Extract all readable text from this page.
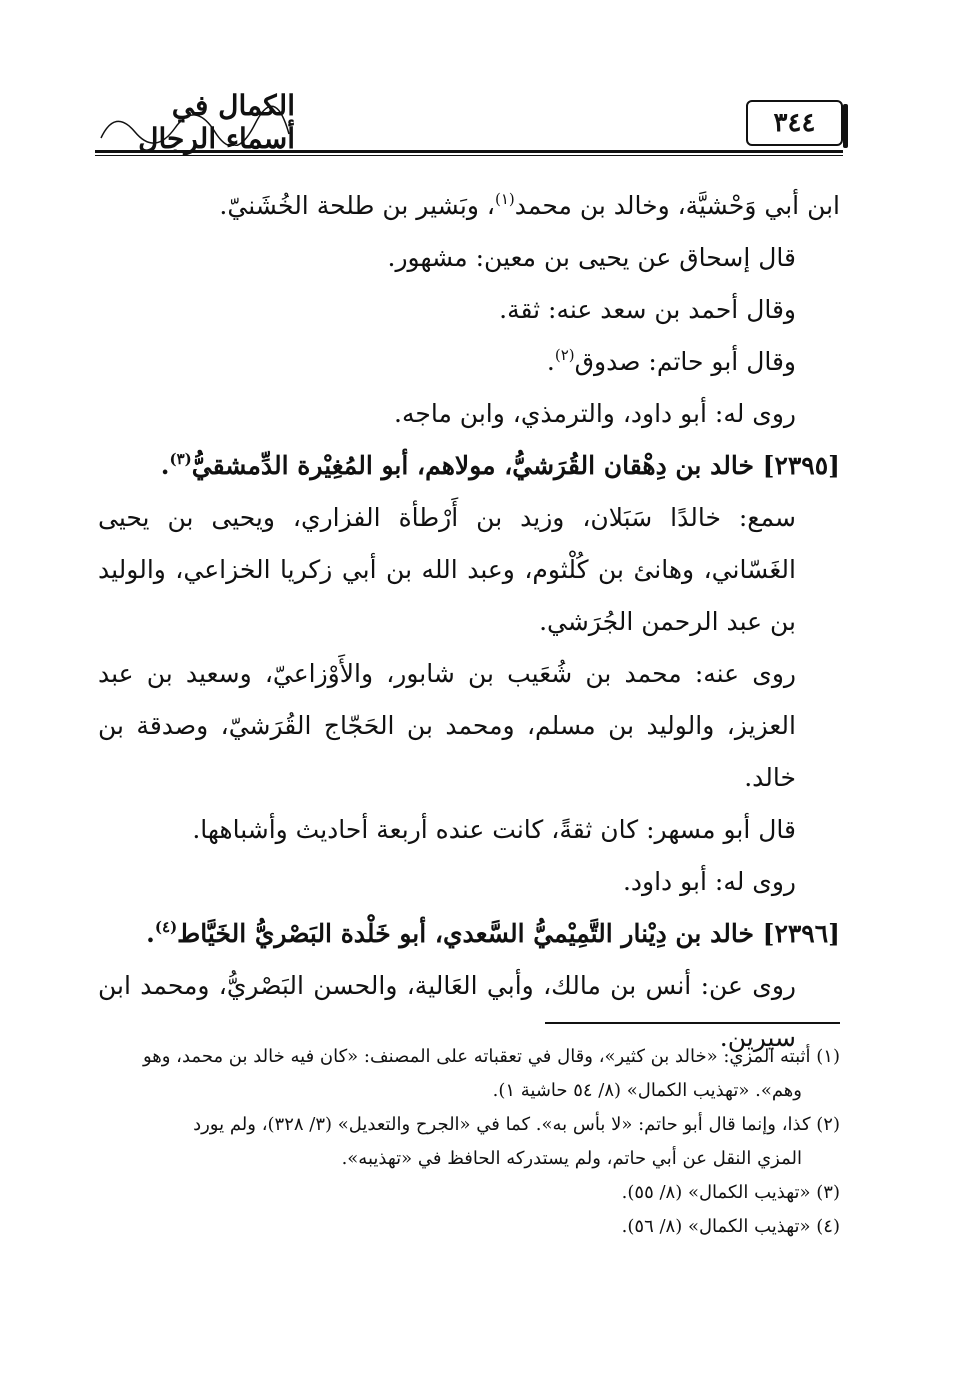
الكمال في أسماء الرجال	٣٤٤

ابن أبي وَحْشيَّة، وخالد بن محمد$^{(١)}$، وبَشير بن طلحة الخُشَنيّ.

قال إسحاق عن يحيى بن معين: مشهور.

وقال أحمد بن سعد عنه: ثقة.

وقال أبو حاتم: صدوق$^{(٢)}$.

روى له: أبو داود، والترمذي، وابن ماجه.

[٢٣٩٥] خالد بن دِهْقان القُرَشيُّ، مولاهم، أبو المُغِيْرة الدِّمشقيُّ$^{(٣)}$.

سمع: خالدًا سَبَلان، وزيد بن أَرْطأة الفزاري، ويحيى بن يحيى الغَسّاني، وهانئ بن كُلْثوم، وعبد الله بن أبي زكريا الخزاعي، والوليد بن عبد الرحمن الجُرَشي.

روى عنه: محمد بن شُعَيب بن شابور، والأَوْزاعيّ، وسعيد بن عبد العزيز، والوليد بن مسلم، ومحمد بن الحَجّاج القُرَشيّ، وصدقة بن خالد.

قال أبو مسهر: كان ثقةً، كانت عنده أربعة أحاديث وأشباهها.

روى له: أبو داود.

[٢٣٩٦] خالد بن دِيْنار التَّمِيْميُّ السَّعدي، أبو خَلْدة البَصْريُّ الخَيَّاط$^{(٤)}$.

روى عن: أنس بن مالك، وأبي العَالية، والحسن البَصْريُّ، ومحمد ابن سيرين.

(١) أثبته المزي: «خالد بن كثير»، وقال في تعقباته على المصنف: «كان فيه خالد بن محمد، وهو

وهم». «تهذيب الكمال» (٨/ ٥٤ حاشية ١).

(٢) كذا، وإنما قال أبو حاتم: «لا بأس به». كما في «الجرح والتعديل» (٣/ ٣٢٨)، ولم يورد

المزي النقل عن أبي حاتم، ولم يستدركه الحافظ في «تهذيبه».

(٣) «تهذيب الكمال» (٨/ ٥٥).

(٤) «تهذيب الكمال» (٨/ ٥٦).
